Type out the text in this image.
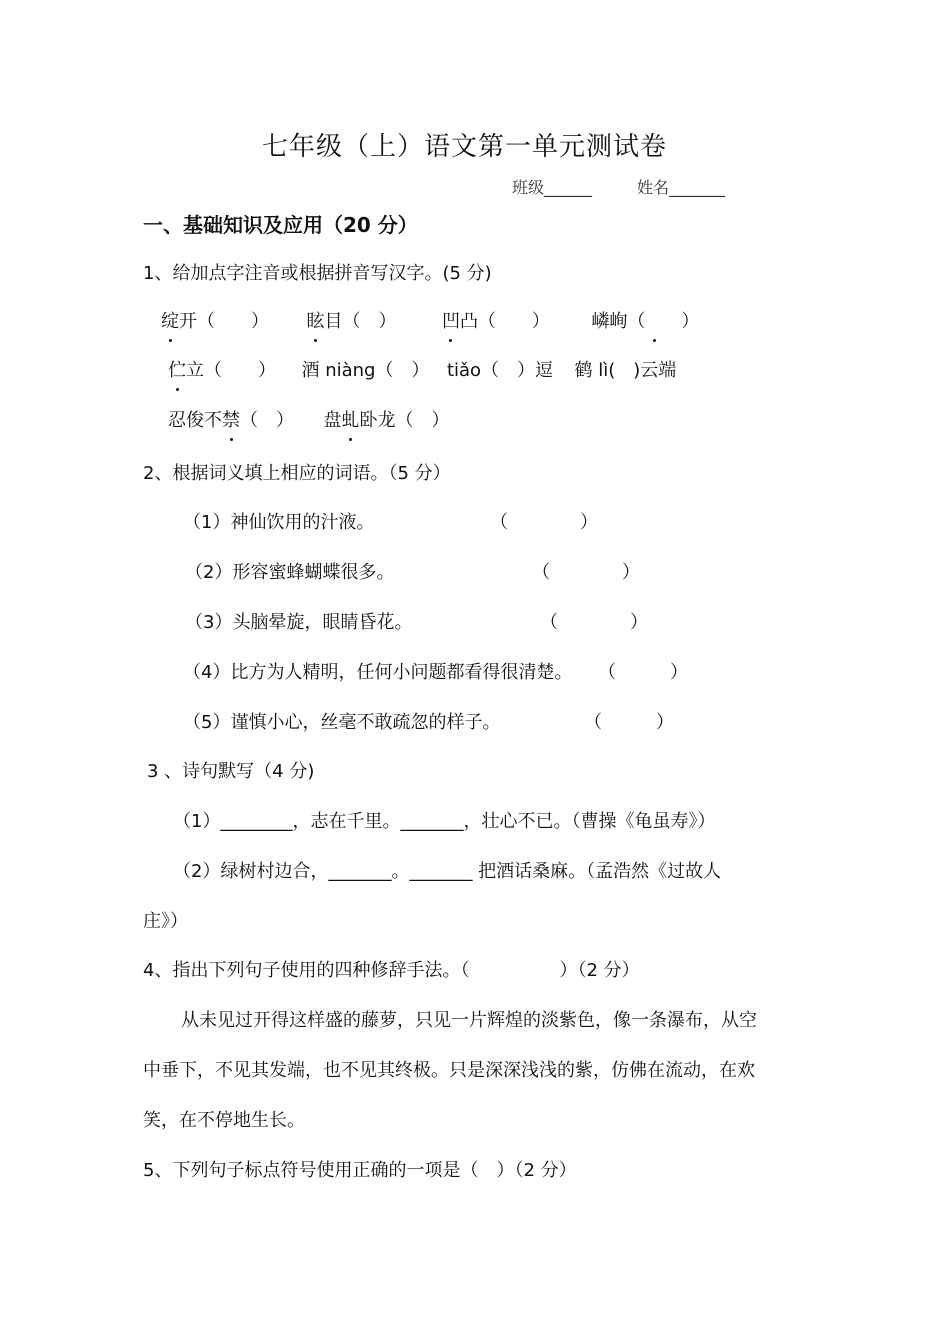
七年级（上）语文第一单元测试卷
班级______	姓名_______
一、基础知识及应用（20 分）
1、给加点字注音或根据拼音写汉字。(5 分)
绽开（　　） 眩目（　）	凹凸（　　） 嶙峋（　　）
伫立（　　） 酒 niàng（　） tiǎo（　）逗 鹤 lì(　)云端
忍俊不禁（　） 盘虬卧龙（　）
2、根据词义填上相应的词语。（5 分）
（1）神仙饮用的汁液。	（　　　　）
（2）形容蜜蜂蝴蝶很多。	（　　　　）
（3）头脑晕旋，眼睛昏花。	（　　　　）
（4）比方为人精明，任何小问题都看得很清楚。 （　　　）
（5）谨慎小心，丝毫不敢疏忽的样子。	（　　　）
3 、诗句默写（4 分)
（1）________，志在千里。_______，壮心不已。（曹操《龟虽寿》）
（2）绿树村边合，_______。_______ 把酒话桑麻。（孟浩然《过故人
庄》）
4、指出下列句子使用的四种修辞手法。（　　　　　）（2 分）
从未见过开得这样盛的藤萝，只见一片辉煌的淡紫色，像一条瀑布，从空
中垂下，不见其发端，也不见其终极。只是深深浅浅的紫，仿佛在流动，在欢
笑，在不停地生长。
5、下列句子标点符号使用正确的一项是（　）（2 分）
